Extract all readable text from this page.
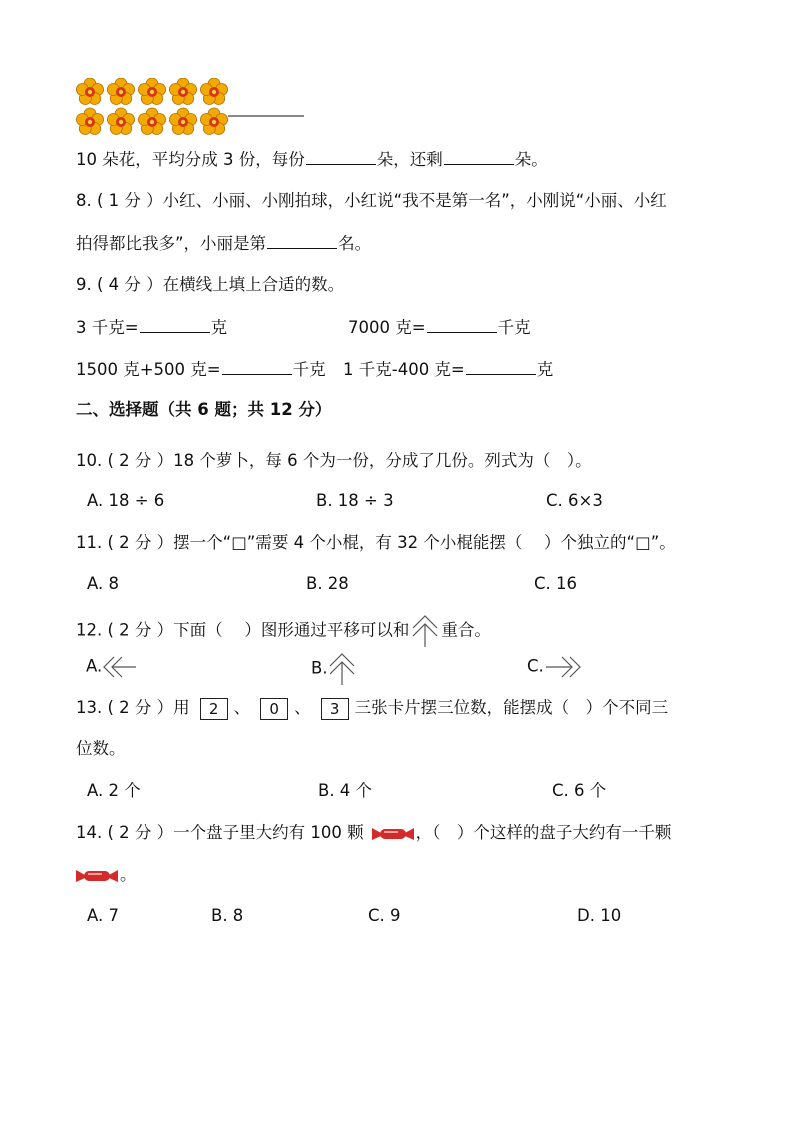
10 朵花，平均分成 3 份，每份	朵，还剩	朵。
8. ( 1 分 ）小红、小丽、小刚拍球，小红说“我不是第一名”，小刚说“小丽、小红
拍得都比我多”，小丽是第	名。
9. ( 4 分 ）在横线上填上合适的数。
3 千克=	克	7000 克=	千克
1500 克+500 克=	千克 1 千克-400 克=	克
二、选择题（共 6 题；共 12 分）
10. ( 2 分 ）18 个萝卜，每 6 个为一份，分成了几份。列式为（　）。
A. 18 ÷ 6	B. 18 ÷ 3	C. 6×3
11. ( 2 分 ）摆一个“□”需要 4 个小棍，有 32 个小棍能摆（　 ）个独立的“□”。
A. 8	B. 28	C. 16
12. ( 2 分 ）下面（　 ）图形通过平移可以和 重合。
A.	B.	C.
13. ( 2 分 ）用 2 、 0 、 3 三张卡片摆三位数，能摆成（　）个不同三
位数。
A. 2 个	B. 4 个	C. 6 个
14. ( 2 分 ）一个盘子里大约有 100 颗	，（　）个这样的盘子大约有一千颗
。
A. 7	B. 8	C. 9	D. 10
